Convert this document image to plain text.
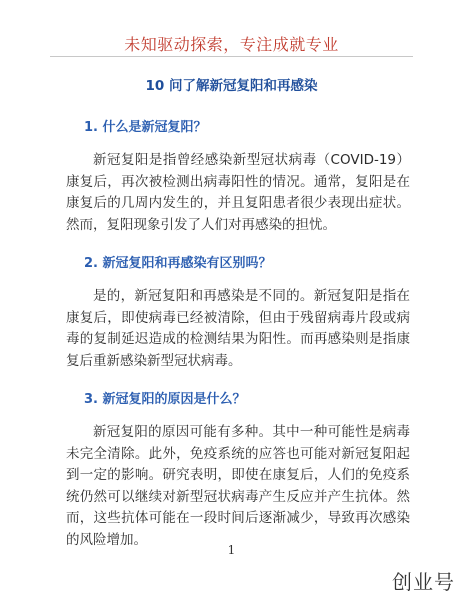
未知驱动探索，专注成就专业
10 问了解新冠复阳和再感染
1. 什么是新冠复阳？

新冠复阳是指曾经感染新型冠状病毒（COVID-19）康复后，再次被检测出病毒阳性的情况。通常，复阳是在康复后的几周内发生的，并且复阳患者很少表现出症状。然而，复阳现象引发了人们对再感染的担忧。

2. 新冠复阳和再感染有区别吗？

是的，新冠复阳和再感染是不同的。新冠复阳是指在康复后，即使病毒已经被清除，但由于残留病毒片段或病毒的复制延迟造成的检测结果为阳性。而再感染则是指康复后重新感染新型冠状病毒。

3. 新冠复阳的原因是什么？

新冠复阳的原因可能有多种。其中一种可能性是病毒未完全清除。此外，免疫系统的应答也可能对新冠复阳起到一定的影响。研究表明，即使在康复后，人们的免疫系统仍然可以继续对新型冠状病毒产生反应并产生抗体。然而，这些抗体可能在一段时间后逐渐减少，导致再次感染的风险增加。

1
创业号
